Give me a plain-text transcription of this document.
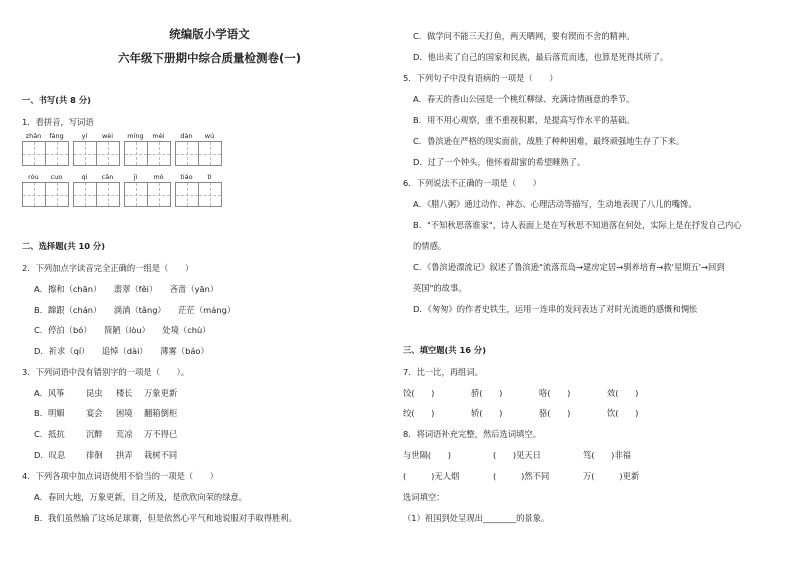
统编版小学语文
六年级下册期中综合质量检测卷(一)
一、书写(共 8 分)
1．看拼音，写词语
zhān	fáng	yí	wèi	míng	mèi	dàn	wú
ròu	cuo	qì	cān	jì	mò	tiáo	tì
二、选择题(共 10 分)
2．下列加点字读音完全正确的一组是（　　）
A．擦和（chān）　　翡翠（fěi）　　吝啬（yān）
B．蹿跟（chán）　　淌淌（tǎng）　　茫茫（máng）
C．停泊（bó）　　简陋（lòu）　　处境（chù）
D．祈求（qí）　　追悼（dài）　　薄雾（báo）
3．下列词语中没有错别字的一项是（　　）。
A．风筝	昆虫 楼长 万象更新
B．明媚	宴会 困境 翻箱倒柜
C．抵抗	沉醉 荒凉 万不得已
D．叹息 徘徊 拱弄 栽树不同
4．下列各项中加点词语使用不恰当的一项是（　　）
A．春回大地，万象更新，目之所及，是欣欣向荣的绿意。
B．我们虽然输了这场足球赛，但是依然心平气和地说服对手取得胜利。
C．做学问不能三天打鱼，两天晒网，要有锲而不舍的精神。
D．他出卖了自己的国家和民族，最后落荒而逃，也算是死得其所了。
5．下列句子中没有语病的一项是（　　）
A．春天的香山公园是一个桃红柳绿、充满诗情画意的季节。
B．用不用心观察，重不重视积累，是提高写作水平的基础。
C．鲁滨逊在严格的现实面前，战胜了种种困难，最终顽强地生存了下来。
D．过了一个钟头，他怀着甜蜜的希望睡熟了。
6．下列说法不正确的一项是（　　）
A．《腊八粥》通过动作、神态、心理活动等描写，生动地表现了八儿的嘴馋。
B．"不知秋思落谁家"，诗人表面上是在写秋思不知道落在何处，实际上是在抒发自己内心
的情感。
C．《鲁滨逊漂流记》叙述了鲁滨逊"流落荒岛→建房定居→驯养培育→救'星期五'→回到
英国"的故事。
D．《匆匆》的作者史铁生，运用一连串的发问表达了对时光流逝的感慨和惆怅
三、填空题(共 16 分)
7．比一比，再组词。
饺(　　)	骄(　　)	咯(　　)	效(　　)
绞(　　)	轿(　　)	骆(　　)	饮(　　)
8．将词语补充完整，然后选词填空。
与世隔(　　)	(　　)见天日	笃(　　)非福
(　　　)无人烟	(　　　)然不同	万(　　　)更新
选词填空：
（1）祖国到处呈现出________的景象。
